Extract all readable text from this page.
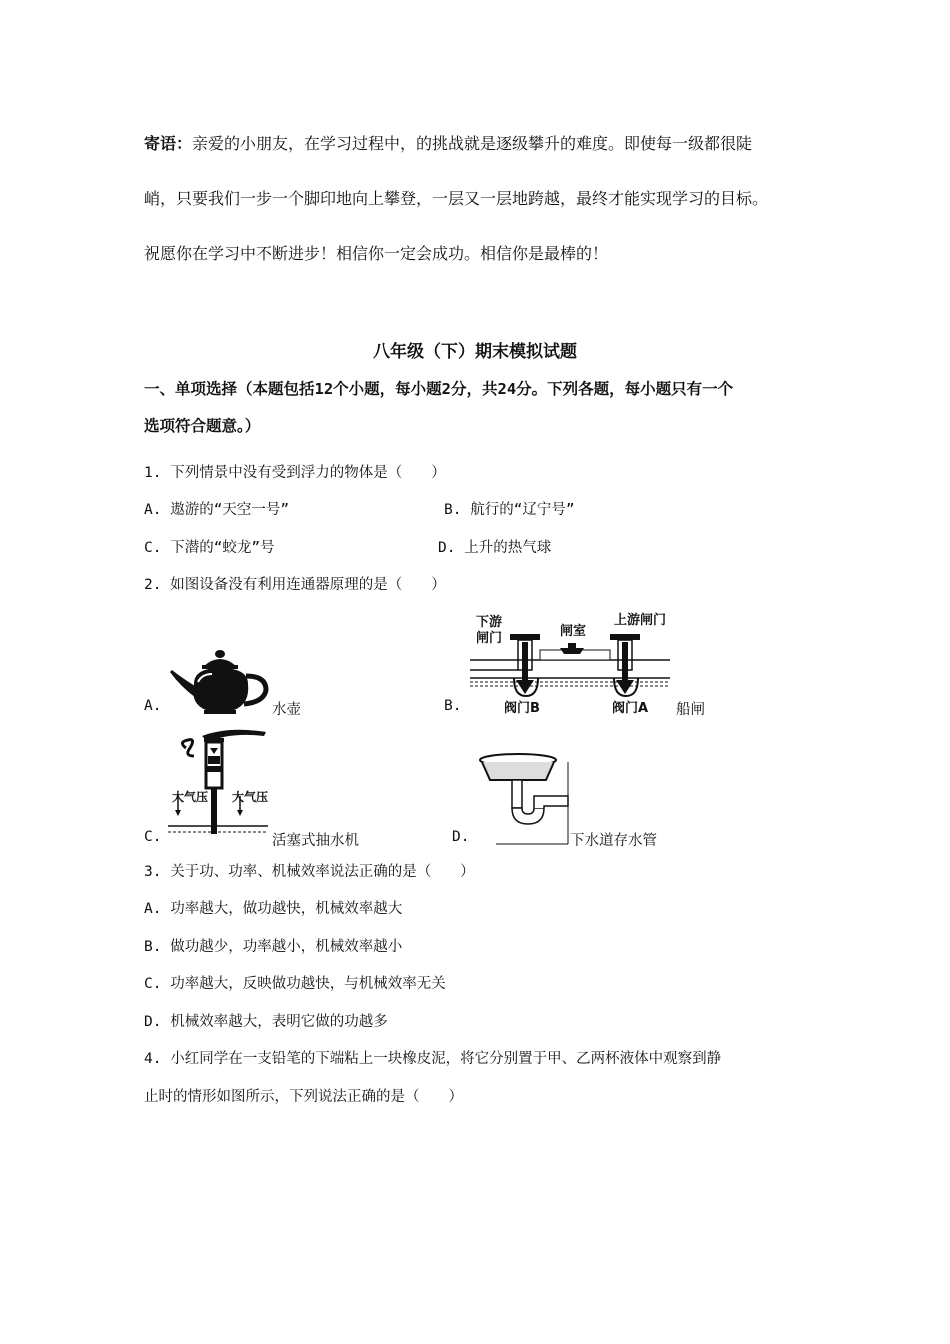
寄语：亲爱的小朋友，在学习过程中，的挑战就是逐级攀升的难度。即使每一级都很陡
峭，只要我们一步一个脚印地向上攀登，一层又一层地跨越，最终才能实现学习的目标。
祝愿你在学习中不断进步！相信你一定会成功。相信你是最棒的！
八年级（下）期末模拟试题
一、单项选择（本题包括12个小题，每小题2分，共24分。下列各题，每小题只有一个
选项符合题意。）
1. 下列情景中没有受到浮力的物体是（　　）
A. 遨游的“天空一号”	B. 航行的“辽宁号”
C. 下潜的“蛟龙”号	D. 上升的热气球
2. 如图设备没有利用连通器原理的是（　　）
A.	水壶	B.
下游
闸门	闸室
上游闸门
阀门B	阀门A 船闸
C.
大气压 大气压
活塞式抽水机	D.	下水道存水管
3. 关于功、功率、机械效率说法正确的是（　　）
A. 功率越大，做功越快，机械效率越大
B. 做功越少，功率越小，机械效率越小
C. 功率越大，反映做功越快，与机械效率无关
D. 机械效率越大，表明它做的功越多
4. 小红同学在一支铅笔的下端粘上一块橡皮泥，将它分别置于甲、乙两杯液体中观察到静
止时的情形如图所示，下列说法正确的是（　　）
